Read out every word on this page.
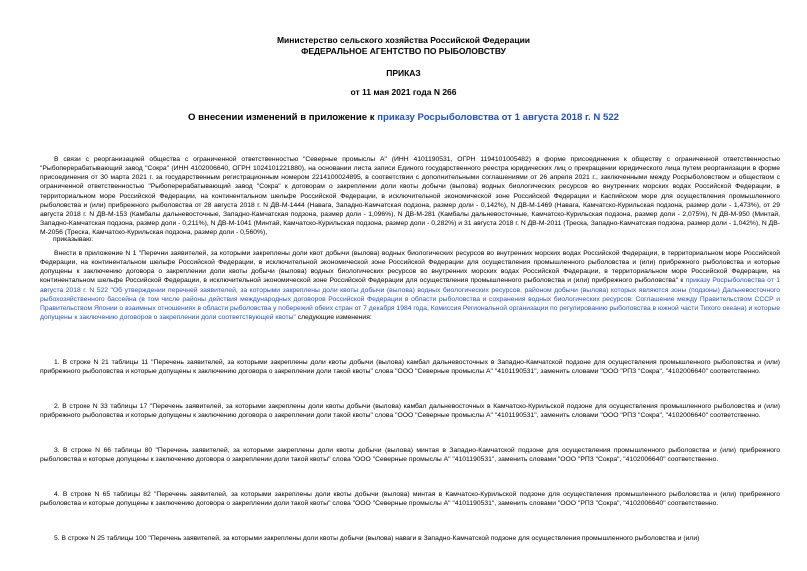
Министерство сельского хозяйства Российской Федерации
ФЕДЕРАЛЬНОЕ АГЕНТСТВО ПО РЫБОЛОВСТВУ
ПРИКАЗ
от 11 мая 2021 года N 266
О внесении изменений в приложение к приказу Росрыболовства от 1 августа 2018 г. N 522
В связи с реорганизацией общества с ограниченной ответственностью "Северные промыслы А" (ИНН 4101190531, ОГРН 1194101005482) в форме присоединения к обществу с ограниченной ответственностью "Рыбоперерабатывающий завод "Сокра" (ИНН 4102006640, ОГРН 1024101221880), на основании листа записи Единого государственного реестра юридических лиц о прекращении юридического лица путем реорганизации в форме присоединения от 30 марта 2021 г. за государственным регистрационным номером 2214100024895, в соответствии с дополнительными соглашениями от 26 апреля 2021 г., заключенными между Росрыболовством и обществом с ограниченной ответственностью "Рыбоперерабатывающий завод "Сокра" к договорам о закреплении доли квоты добычи (вылова) водных биологических ресурсов во внутренних морских водах Российской Федерации, в территориальном море Российской Федерации, на континентальном шельфе Российской Федерации, в исключительной экономической зоне Российской Федерации и Каспийском море для осуществления промышленного рыболовства и (или) прибрежного рыболовства от 28 августа 2018 г. N ДВ-М-1444 (Навага, Западно-Камчатская подзона, размер доли - 0,142%), N ДВ-М-1469 (Навага, Камчатско-Курильская подзона, размер доли - 1,473%), от 29 августа 2018 г. N ДВ-М-153 (Камбалы дальневосточные, Западно-Камчатская подзона, размер доли - 1,096%), N ДВ-М-281 (Камбалы дальневосточные, Камчатско-Курильская подзона, размер доли - 2,075%), N ДВ-М-950 (Минтай, Западно-Камчатская подзона, размер доли - 0,211%), N ДВ-М-1041 (Минтай, Камчатско-Курильская подзона, размер доли - 0,282%) и 31 августа 2018 г. N ДВ-М-2011 (Треска, Западно-Камчатская подзона, размер доли - 1,042%), N ДВ-М-2056 (Треска, Камчатско-Курильская подзона, размер доли - 0,560%),
приказываю:
Внести в приложение N 1 "Перечни заявителей, за которыми закреплены доли квот добычи (вылова) водных биологических ресурсов во внутренних морских водах Российской Федерации, в территориальном море Российской Федерации, на континентальном шельфе Российской Федерации, в исключительной экономической зоне Российской Федерации для осуществления промышленного рыболовства и (или) прибрежного рыболовства и которые допущены к заключению договора о закреплении доли квоты добычи (вылова) водных биологических ресурсов во внутренних морских водах Российской Федерации, в территориальном море Российской Федерации, на континентальном шельфе Российской Федерации, в исключительной экономической зоне Российской Федерации для осуществления промышленного рыболовства и (или) прибрежного рыболовства" к приказу Росрыболовства от 1 августа 2018 г. N 522 "Об утверждении перечней заявителей, за которыми закреплены доли квоты добычи (вылова) водных биологических ресурсов, районом добычи (вылова) которых являются зоны (подзоны) Дальневосточного рыбохозяйственного бассейна (в том числе районы действия международных договоров Российской Федерации в области рыболовства и сохранения водных биологических ресурсов: Соглашение между Правительством СССР и Правительством Японии о взаимных отношениях в области рыболовства у побережий обеих стран от 7 декабря 1984 года, Комиссия Региональной организации по регулированию рыболовства в южной части Тихого океана) и которые допущены к заключению договоров о закреплении доли соответствующей квоты" следующие изменения:
1. В строке N 21 таблицы 11 "Перечень заявителей, за которыми закреплены доли квоты добычи (вылова) камбал дальневосточных в Западно-Камчатской подзоне для осуществления промышленного рыболовства и (или) прибрежного рыболовства и которые допущены к заключению договора о закреплении доли такой квоты" слова "ООО "Северные промыслы А" "4101190531", заменить словами "ООО "РПЗ "Сокра", "4102006640" соответственно.
2. В строке N 33 таблицы 17 "Перечень заявителей, за которыми закреплены доли квоты добычи (вылова) камбал дальневосточных в Камчатско-Курильской подзоне для осуществления промышленного рыболовства и (или) прибрежного рыболовства и которые допущены к заключению договора о закреплении доли такой квоты" слова "ООО "Северные промыслы А" "4101190531", заменить словами "ООО "РПЗ "Сокра", "4102006640" соответственно.
3. В строке N 66 таблицы 80 "Перечень заявителей, за которыми закреплены доли квоты добычи (вылова) минтая в Западно-Камчатской подзоне для осуществления промышленного рыболовства и (или) прибрежного рыболовства и которые допущены к заключению договора о закреплении доли такой квоты" слова "ООО "Северные промыслы А" "4101190531", заменить словами "ООО "РПЗ "Сокра", "4102006640" соответственно.
4. В строке N 65 таблицы 82 "Перечень заявителей, за которыми закреплены доли квоты добычи (вылова) минтая в Камчатско-Курильской подзоне для осуществления промышленного рыболовства и (или) прибрежного рыболовства и которые допущены к заключению договора о закреплении доли такой квоты" слова "ООО "Северные промыслы А" "4101190531", заменить словами "ООО "РПЗ "Сокра", "4102006640" соответственно.
5. В строке N 25 таблицы 100 "Перечень заявителей, за которыми закреплены доли квоты добычи (вылова) наваги в Западно-Камчатской подзоне для осуществления промышленного рыболовства и (или)
